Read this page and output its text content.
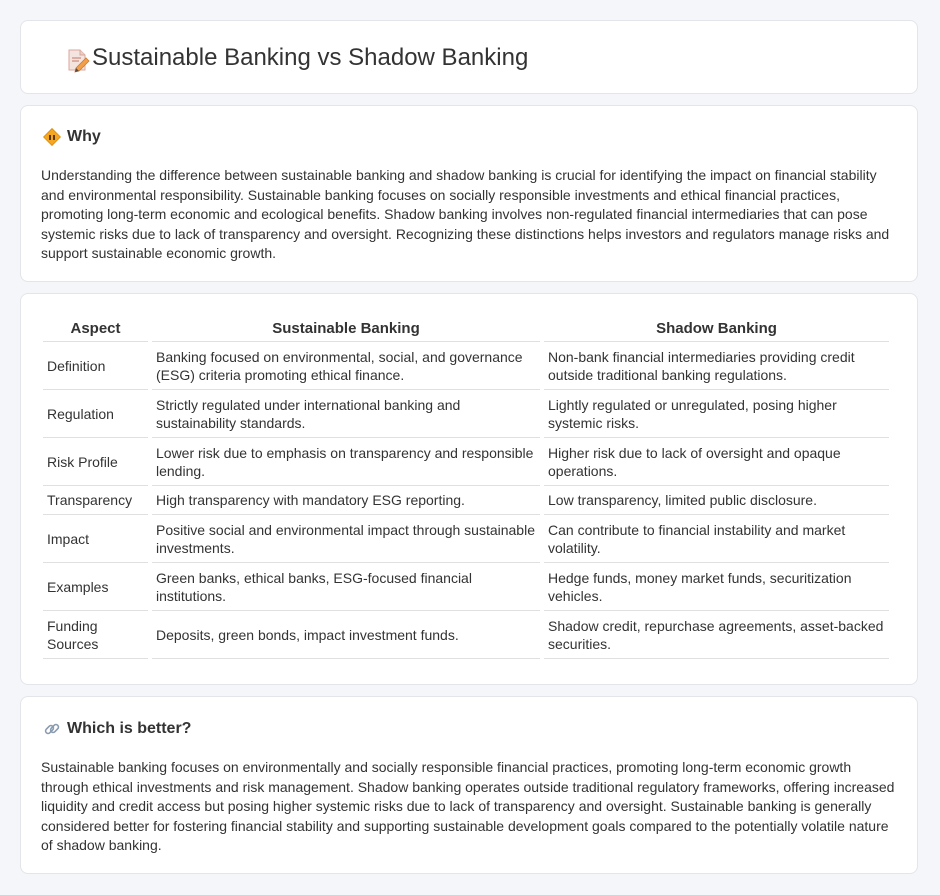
Sustainable Banking vs Shadow Banking
Why

Understanding the difference between sustainable banking and shadow banking is crucial for identifying the impact on financial stability and environmental responsibility. Sustainable banking focuses on socially responsible investments and ethical financial practices, promoting long-term economic and ecological benefits. Shadow banking involves non-regulated financial intermediaries that can pose systemic risks due to lack of transparency and oversight. Recognizing these distinctions helps investors and regulators manage risks and support sustainable economic growth.

Aspect	Sustainable Banking	Shadow Banking
Definition	Banking focused on environmental, social, and governance (ESG) criteria promoting ethical finance.	Non-bank financial intermediaries providing credit outside traditional banking regulations.
Regulation	Strictly regulated under international banking and sustainability standards.	Lightly regulated or unregulated, posing higher systemic risks.
Risk Profile	Lower risk due to emphasis on transparency and responsible lending.	Higher risk due to lack of oversight and opaque operations.
Transparency	High transparency with mandatory ESG reporting.	Low transparency, limited public disclosure.
Impact	Positive social and environmental impact through sustainable investments.	Can contribute to financial instability and market volatility.
Examples	Green banks, ethical banks, ESG-focused financial institutions.	Hedge funds, money market funds, securitization vehicles.
Funding Sources	Deposits, green bonds, impact investment funds.	Shadow credit, repurchase agreements, asset-backed securities.
Which is better?

Sustainable banking focuses on environmentally and socially responsible financial practices, promoting long-term economic growth through ethical investments and risk management. Shadow banking operates outside traditional regulatory frameworks, offering increased liquidity and credit access but posing higher systemic risks due to lack of transparency and oversight. Sustainable banking is generally considered better for fostering financial stability and supporting sustainable development goals compared to the potentially volatile nature of shadow banking.
